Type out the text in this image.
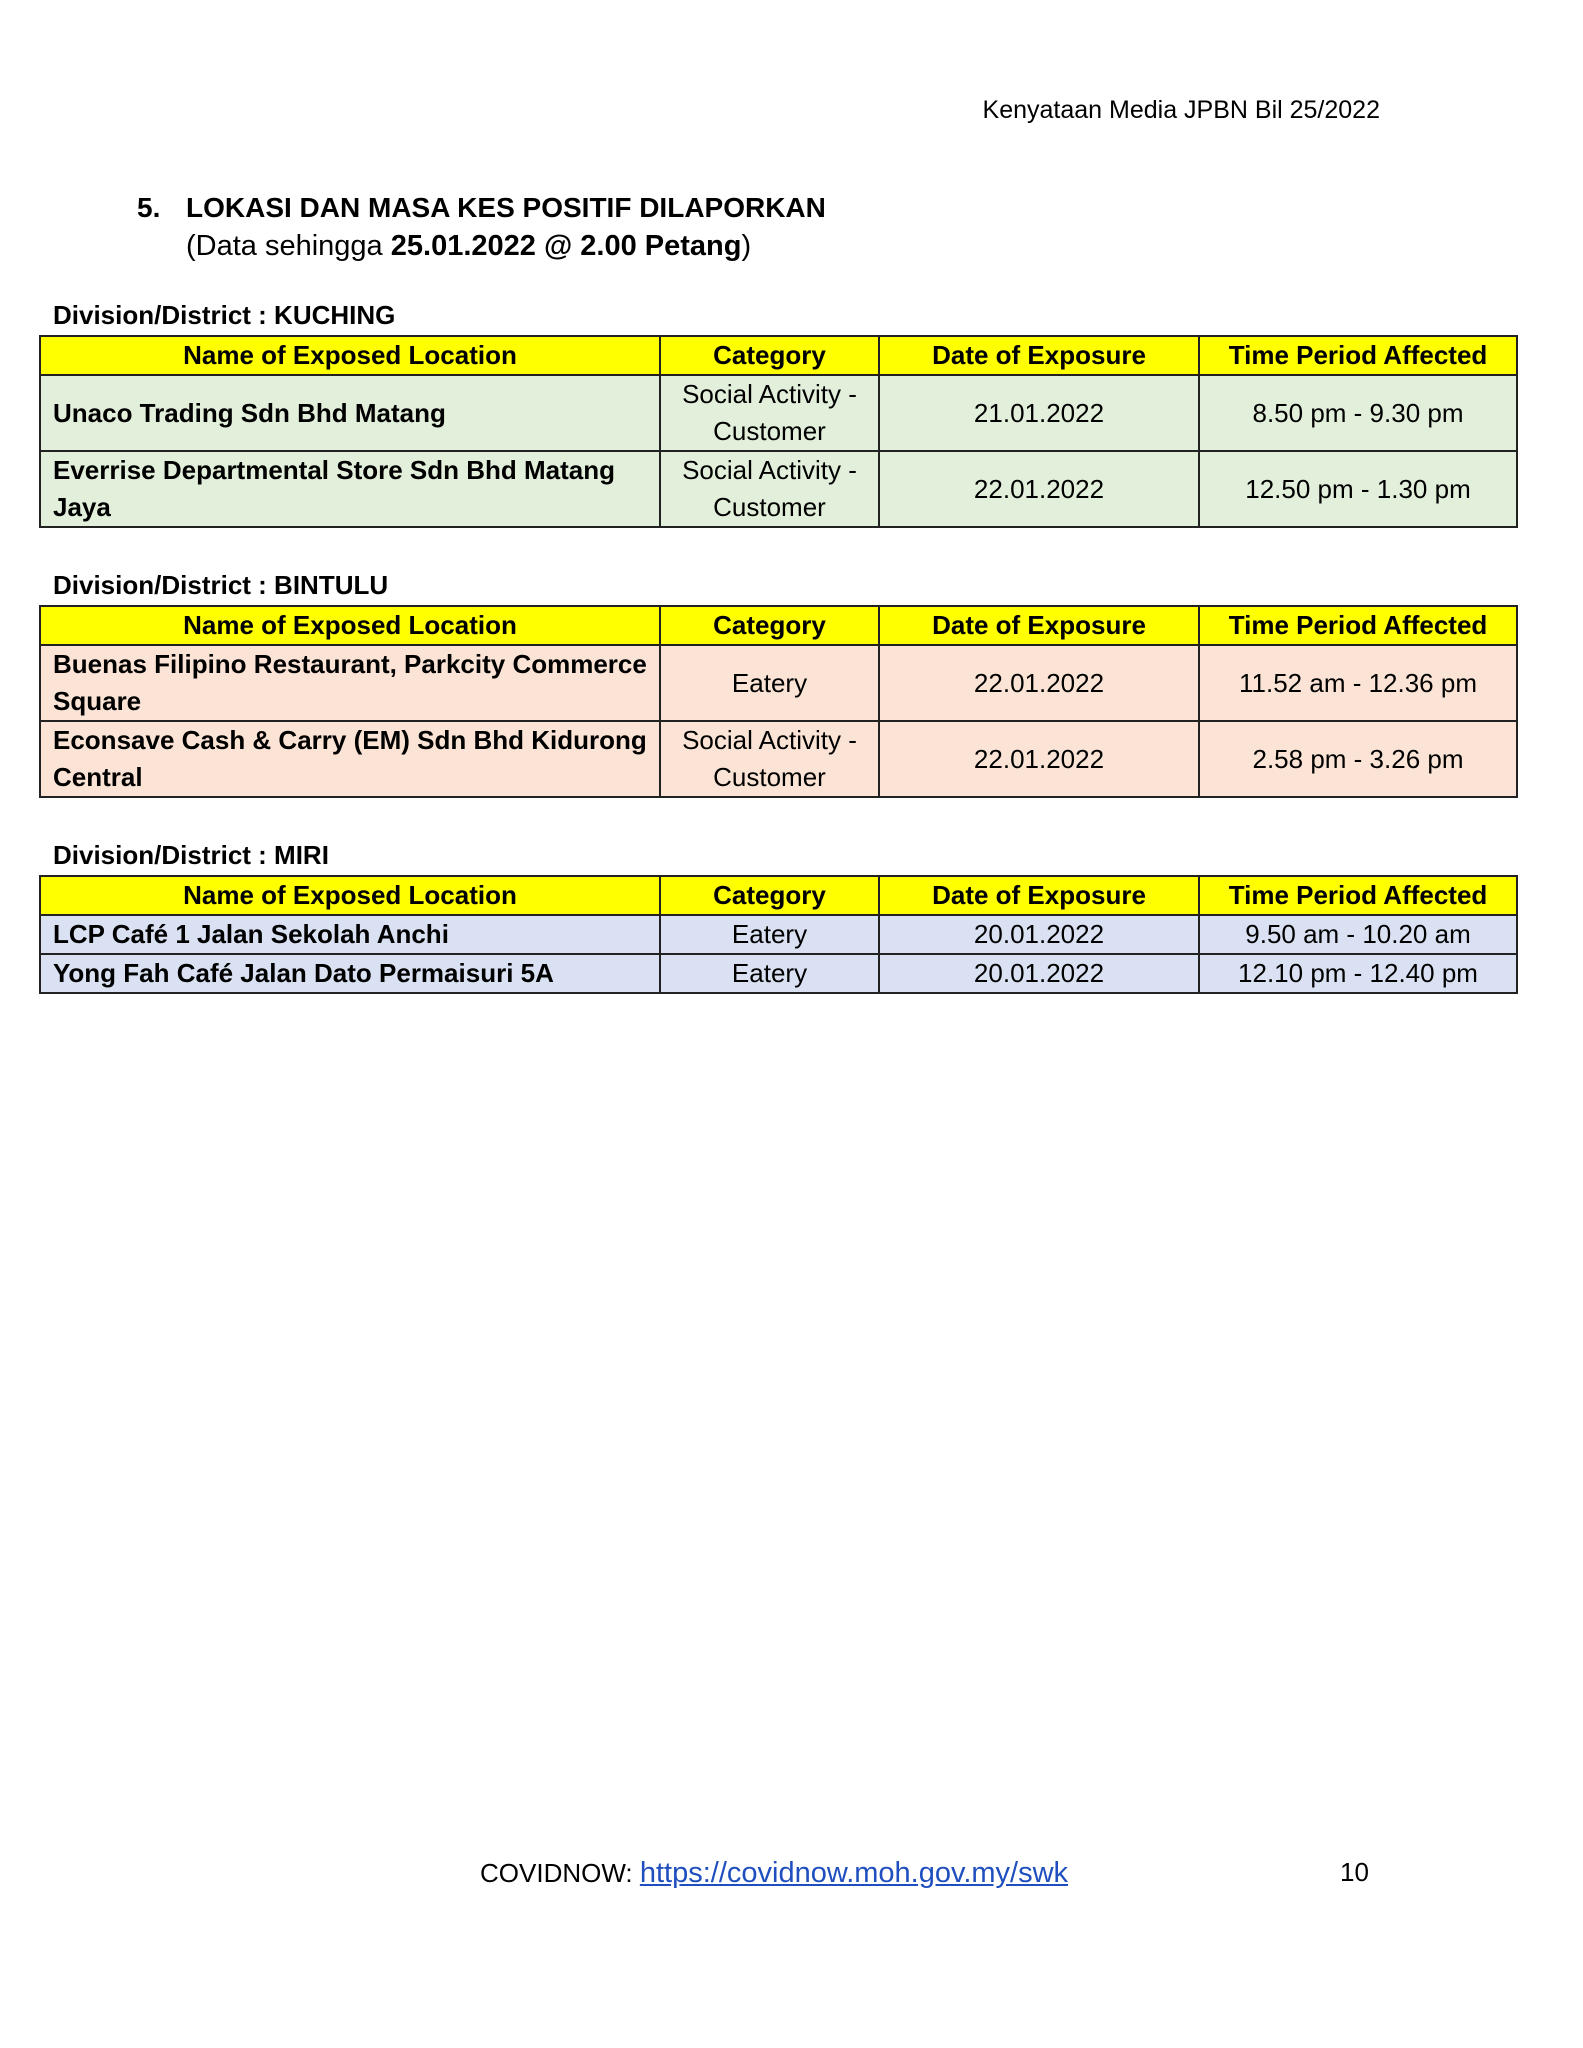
Kenyataan Media JPBN Bil 25/2022
5. LOKASI DAN MASA KES POSITIF DILAPORKAN
(Data sehingga 25.01.2022 @ 2.00 Petang)
Division/District : KUCHING
Name of Exposed Location	Category	Date of Exposure	Time Period Affected
Unaco Trading Sdn Bhd Matang	Social Activity - Customer	21.01.2022	8.50 pm - 9.30 pm
Everrise Departmental Store Sdn Bhd Matang Jaya	Social Activity - Customer	22.01.2022	12.50 pm - 1.30 pm
Division/District : BINTULU
Name of Exposed Location	Category	Date of Exposure	Time Period Affected
Buenas Filipino Restaurant, Parkcity Commerce Square	Eatery	22.01.2022	11.52 am - 12.36 pm
Econsave Cash & Carry (EM) Sdn Bhd Kidurong Central	Social Activity - Customer	22.01.2022	2.58 pm - 3.26 pm
Division/District : MIRI
Name of Exposed Location	Category	Date of Exposure	Time Period Affected
LCP Café 1 Jalan Sekolah Anchi	Eatery	20.01.2022	9.50 am - 10.20 am
Yong Fah Café Jalan Dato Permaisuri 5A	Eatery	20.01.2022	12.10 pm - 12.40 pm
COVIDNOW: https://covidnow.moh.gov.my/swk	10
